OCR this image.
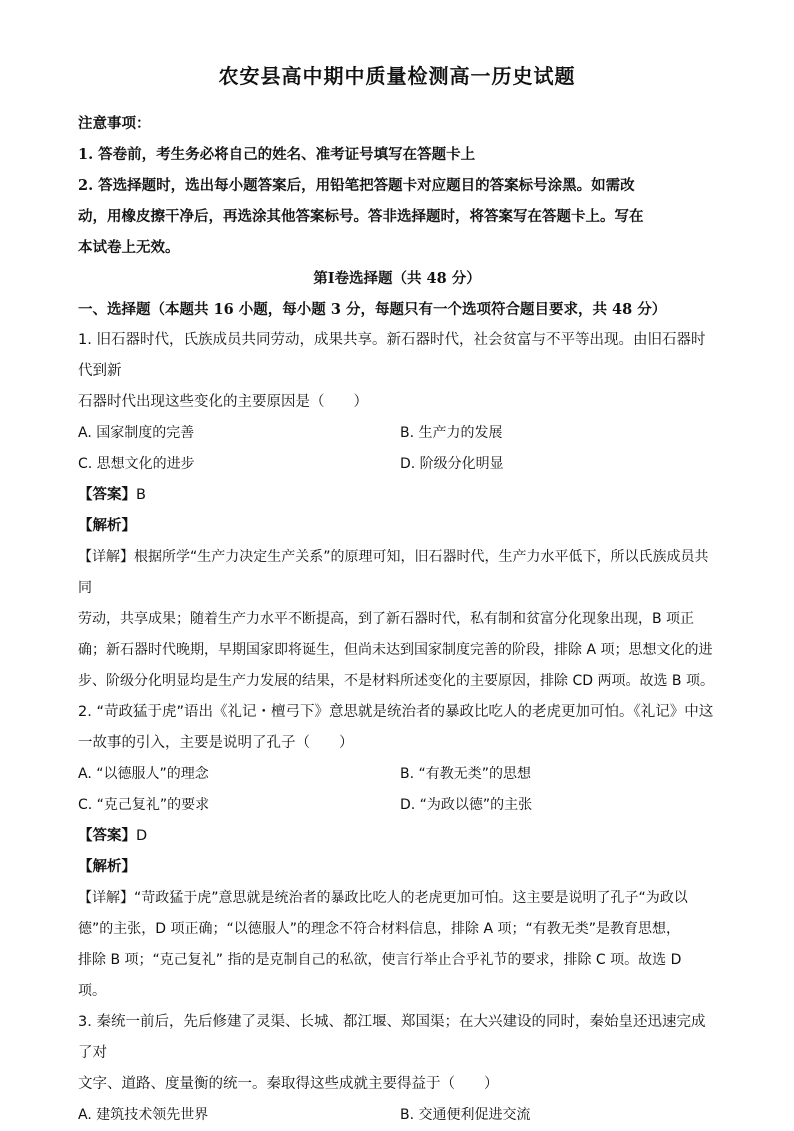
农安县高中期中质量检测高一历史试题

注意事项：

1. 答卷前，考生务必将自己的姓名、准考证号填写在答题卡上

2. 答选择题时，选出每小题答案后，用铅笔把答题卡对应题目的答案标号涂黑。如需改

动，用橡皮擦干净后，再选涂其他答案标号。答非选择题时，将答案写在答题卡上。写在

本试卷上无效。

第Ⅰ卷选择题（共 48 分）

一、选择题（本题共 16 小题，每小题 3 分，每题只有一个选项符合题目要求，共 48 分）

1. 旧石器时代，氏族成员共同劳动，成果共享。新石器时代，社会贫富与不平等出现。由旧石器时代到新

石器时代出现这些变化的主要原因是（　　）

A. 国家制度的完善	B. 生产力的发展
C. 思想文化的进步	D. 阶级分化明显

【答案】B

【解析】

【详解】根据所学“生产力决定生产关系”的原理可知，旧石器时代，生产力水平低下，所以氏族成员共同

劳动，共享成果；随着生产力水平不断提高，到了新石器时代，私有制和贫富分化现象出现，B 项正

确；新石器时代晚期，早期国家即将诞生，但尚未达到国家制度完善的阶段，排除 A 项；思想文化的进

步、阶级分化明显均是生产力发展的结果，不是材料所述变化的主要原因，排除 CD 两项。故选 B 项。

2. “苛政猛于虎”语出《礼记・檀弓下》意思就是统治者的暴政比吃人的老虎更加可怕。《礼记》中这

一故事的引入，主要是说明了孔子（　　）

A. “以德服人”的理念	B. “有教无类”的思想
C. “克己复礼”的要求	D. “为政以德”的主张

【答案】D

【解析】

【详解】“苛政猛于虎”意思就是统治者的暴政比吃人的老虎更加可怕。这主要是说明了孔子“为政以

德”的主张，D 项正确；“以德服人”的理念不符合材料信息，排除 A 项；“有教无类”是教育思想，

排除 B 项；“克己复礼” 指的是克制自己的私欲，使言行举止合乎礼节的要求，排除 C 项。故选 D

项。

3. 秦统一前后，先后修建了灵渠、长城、都江堰、郑国渠；在大兴建设的同时，秦始皇还迅速完成了对

文字、道路、度量衡的统一。秦取得这些成就主要得益于（　　）

A. 建筑技术领先世界	B. 交通便利促进交流
